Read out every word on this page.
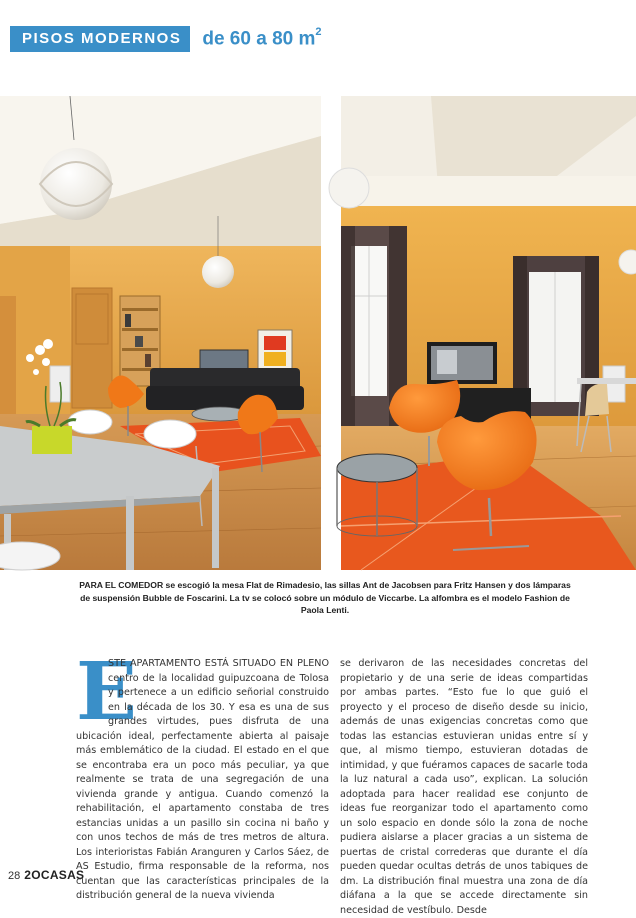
PISOS MODERNOS	de 60 a 80 $m^2$
PARA EL COMEDOR se escogió la mesa Flat de Rimadesio, las sillas Ant de Jacobsen para Fritz Hansen y dos lámparas de suspensión Bubble de Foscarini. La tv se colocó sobre un módulo de Viccarbe. La alfombra es el modelo Fashion de Paola Lenti.
E

STE APARTAMENTO ESTÁ SITUADO EN PLENO centro de la localidad guipuzcoana de Tolosa y pertenece a un edificio señorial construido en la década de los 30. Y esa es una de sus grandes virtudes, pues disfruta de una ubicación ideal, perfectamente abierta al paisaje más emblemático de la ciudad. El estado en el que se encontraba era un poco más peculiar, ya que realmente se trata de una segregación de una vivienda grande y antigua. Cuando comenzó la rehabilitación, el apartamento constaba de tres estancias unidas a un pasillo sin cocina ni baño y con unos techos de más de tres metros de altura. Los interioristas Fabián Aranguren y Carlos Sáez, de AS Estudio, firma responsable de la reforma, nos cuentan que las características principales de la distribución general de la nueva vivienda

se derivaron de las necesidades concretas del propietario y de una serie de ideas compartidas por ambas partes. “Esto fue lo que guió el proyecto y el proceso de diseño desde su inicio, además de unas exigencias concretas como que todas las estancias estuvieran unidas entre sí y que, al mismo tiempo, estuvieran dotadas de intimidad, y que fuéramos capaces de sacarle toda la luz natural a cada uso”, explican. La solución adoptada para hacer realidad ese conjunto de ideas fue reorganizar todo el apartamento como un solo espacio en donde sólo la zona de noche pudiera aislarse a placer gracias a un sistema de puertas de cristal correderas que durante el día pueden quedar ocultas detrás de unos tabiques de dm. La distribución final muestra una zona de día diáfana a la que se accede directamente sin necesidad de vestíbulo. Desde

28 2OCASAS
